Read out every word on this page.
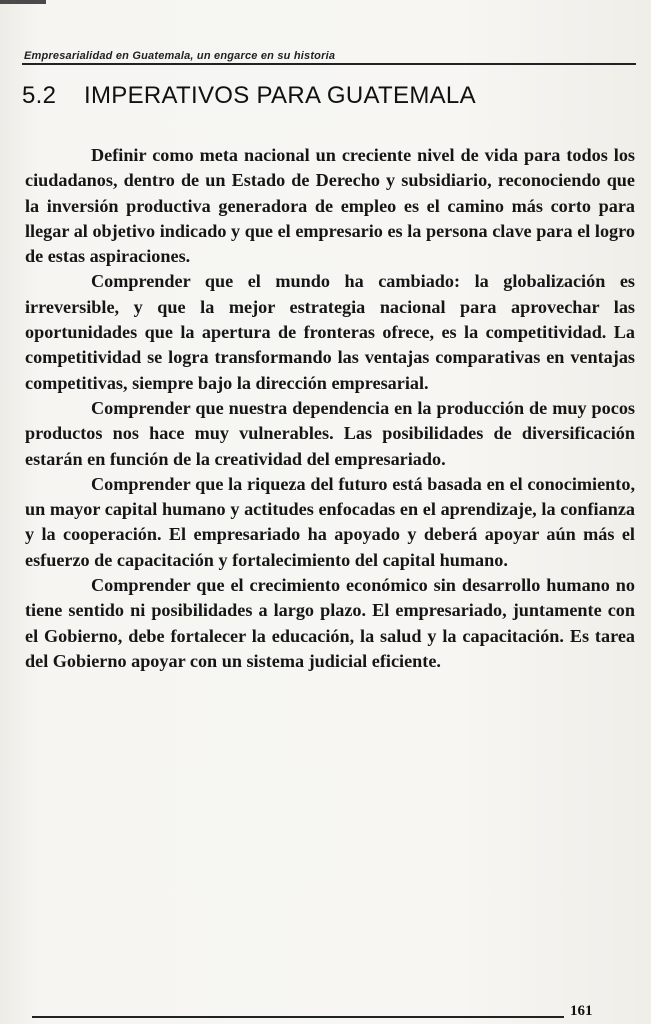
Empresarialidad en Guatemala, un engarce en su historia
5.2 IMPERATIVOS PARA GUATEMALA

Definir como meta nacional un creciente nivel de vida para todos los ciudadanos, dentro de un Estado de Derecho y subsidiario, reconociendo que la inversión productiva generadora de empleo es el camino más corto para llegar al objetivo indicado y que el empresario es la persona clave para el logro de estas aspiraciones.

Comprender que el mundo ha cambiado: la globalización es irreversible, y que la mejor estrategia nacional para aprovechar las oportunidades que la apertura de fronteras ofrece, es la competitividad. La competitividad se logra transformando las ventajas comparativas en ventajas competitivas, siempre bajo la dirección empresarial.

Comprender que nuestra dependencia en la producción de muy pocos productos nos hace muy vulnerables. Las posibilidades de diversificación estarán en función de la creatividad del empresariado.

Comprender que la riqueza del futuro está basada en el conocimiento, un mayor capital humano y actitudes enfocadas en el aprendizaje, la confianza y la cooperación. El empresariado ha apoyado y deberá apoyar aún más el esfuerzo de capacitación y fortalecimiento del capital humano.

Comprender que el crecimiento económico sin desarrollo humano no tiene sentido ni posibilidades a largo plazo. El empresariado, juntamente con el Gobierno, debe fortalecer la educación, la salud y la capacitación. Es tarea del Gobierno apoyar con un sistema judicial eficiente.

161
